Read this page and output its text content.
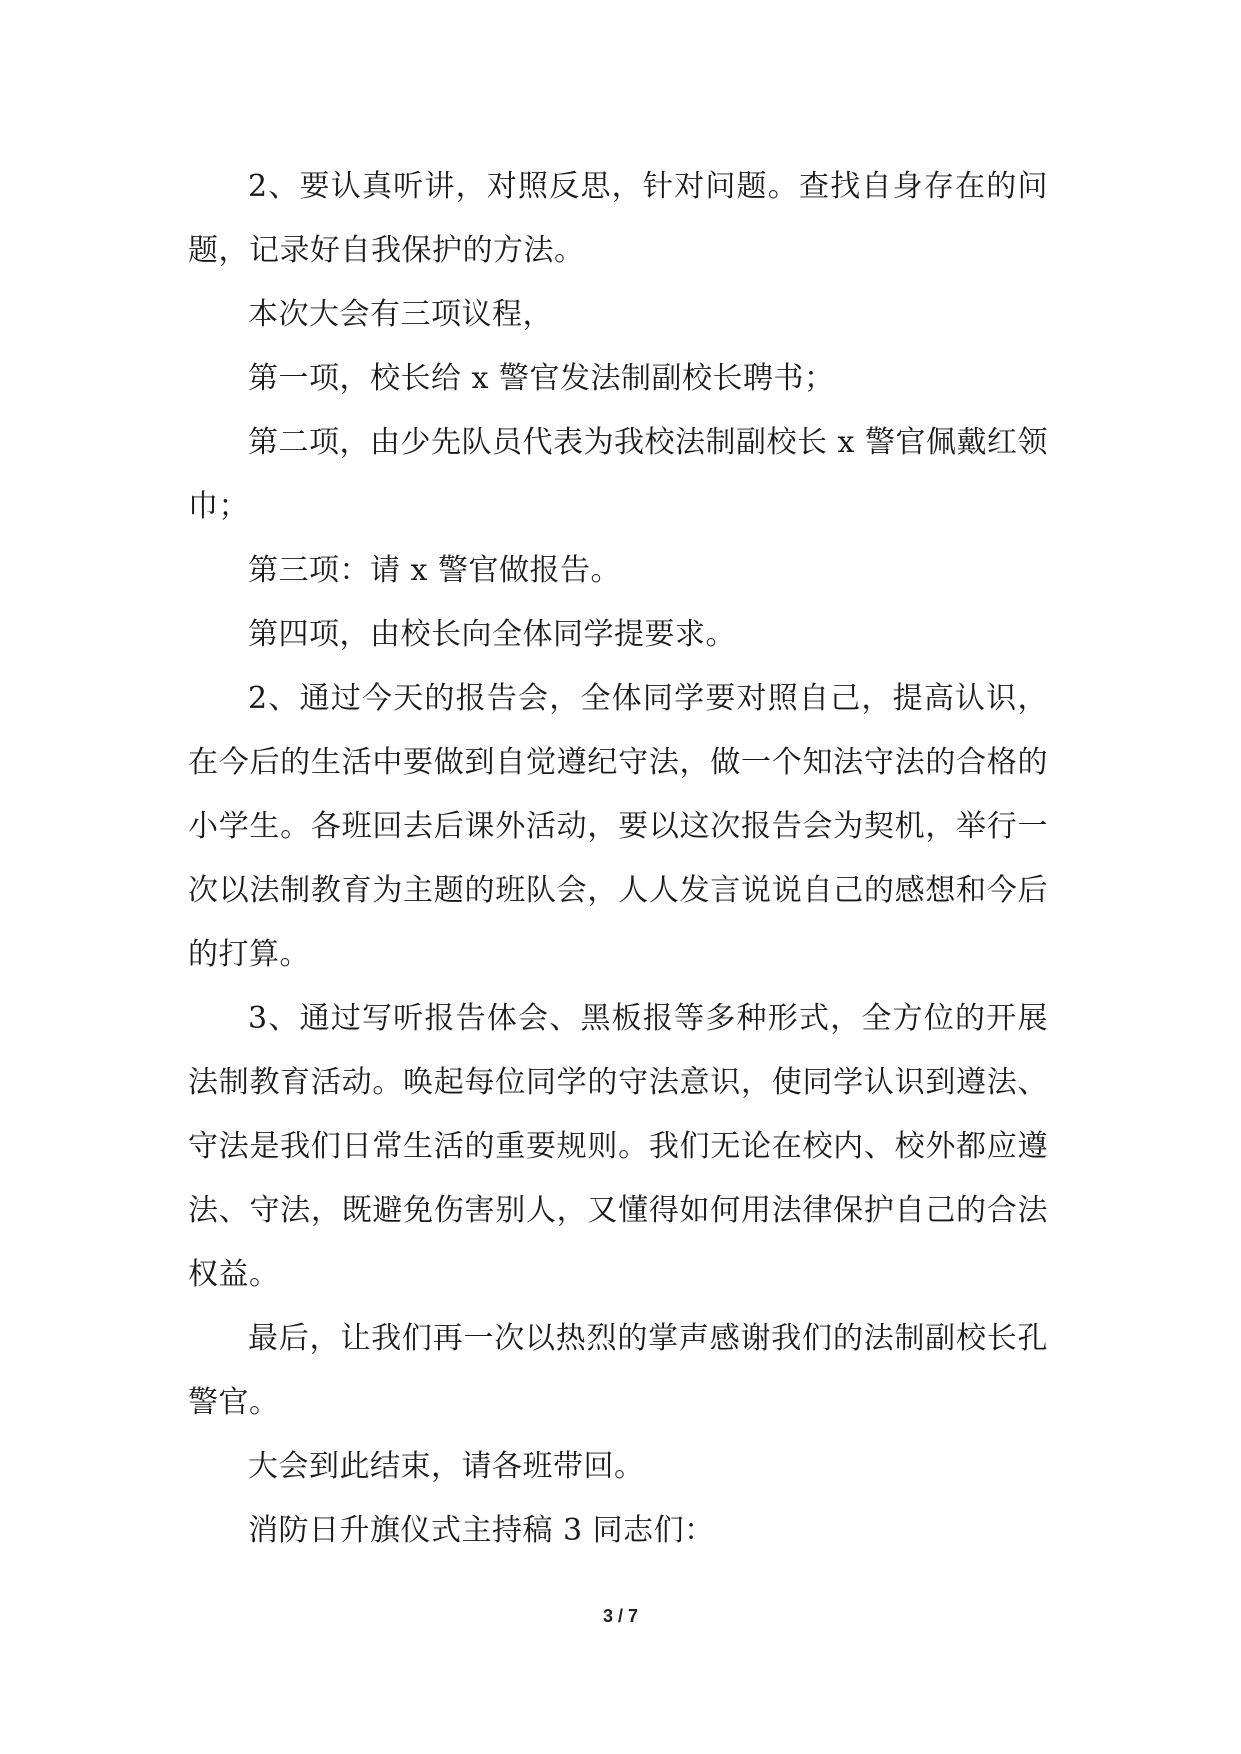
2、要认真听讲，对照反思，针对问题。查找自身存在的问题，记录好自我保护的方法。

本次大会有三项议程，

第一项，校长给 x 警官发法制副校长聘书；

第二项，由少先队员代表为我校法制副校长 x 警官佩戴红领巾；

第三项：请 x 警官做报告。

第四项，由校长向全体同学提要求。

2、通过今天的报告会，全体同学要对照自己，提高认识，在今后的生活中要做到自觉遵纪守法，做一个知法守法的合格的小学生。各班回去后课外活动，要以这次报告会为契机，举行一次以法制教育为主题的班队会，人人发言说说自己的感想和今后的打算。

3、通过写听报告体会、黑板报等多种形式，全方位的开展法制教育活动。唤起每位同学的守法意识，使同学认识到遵法、守法是我们日常生活的重要规则。我们无论在校内、校外都应遵法、守法，既避免伤害别人，又懂得如何用法律保护自己的合法权益。

最后，让我们再一次以热烈的掌声感谢我们的法制副校长孔警官。

大会到此结束，请各班带回。

消防日升旗仪式主持稿 3 同志们：

3 / 7
